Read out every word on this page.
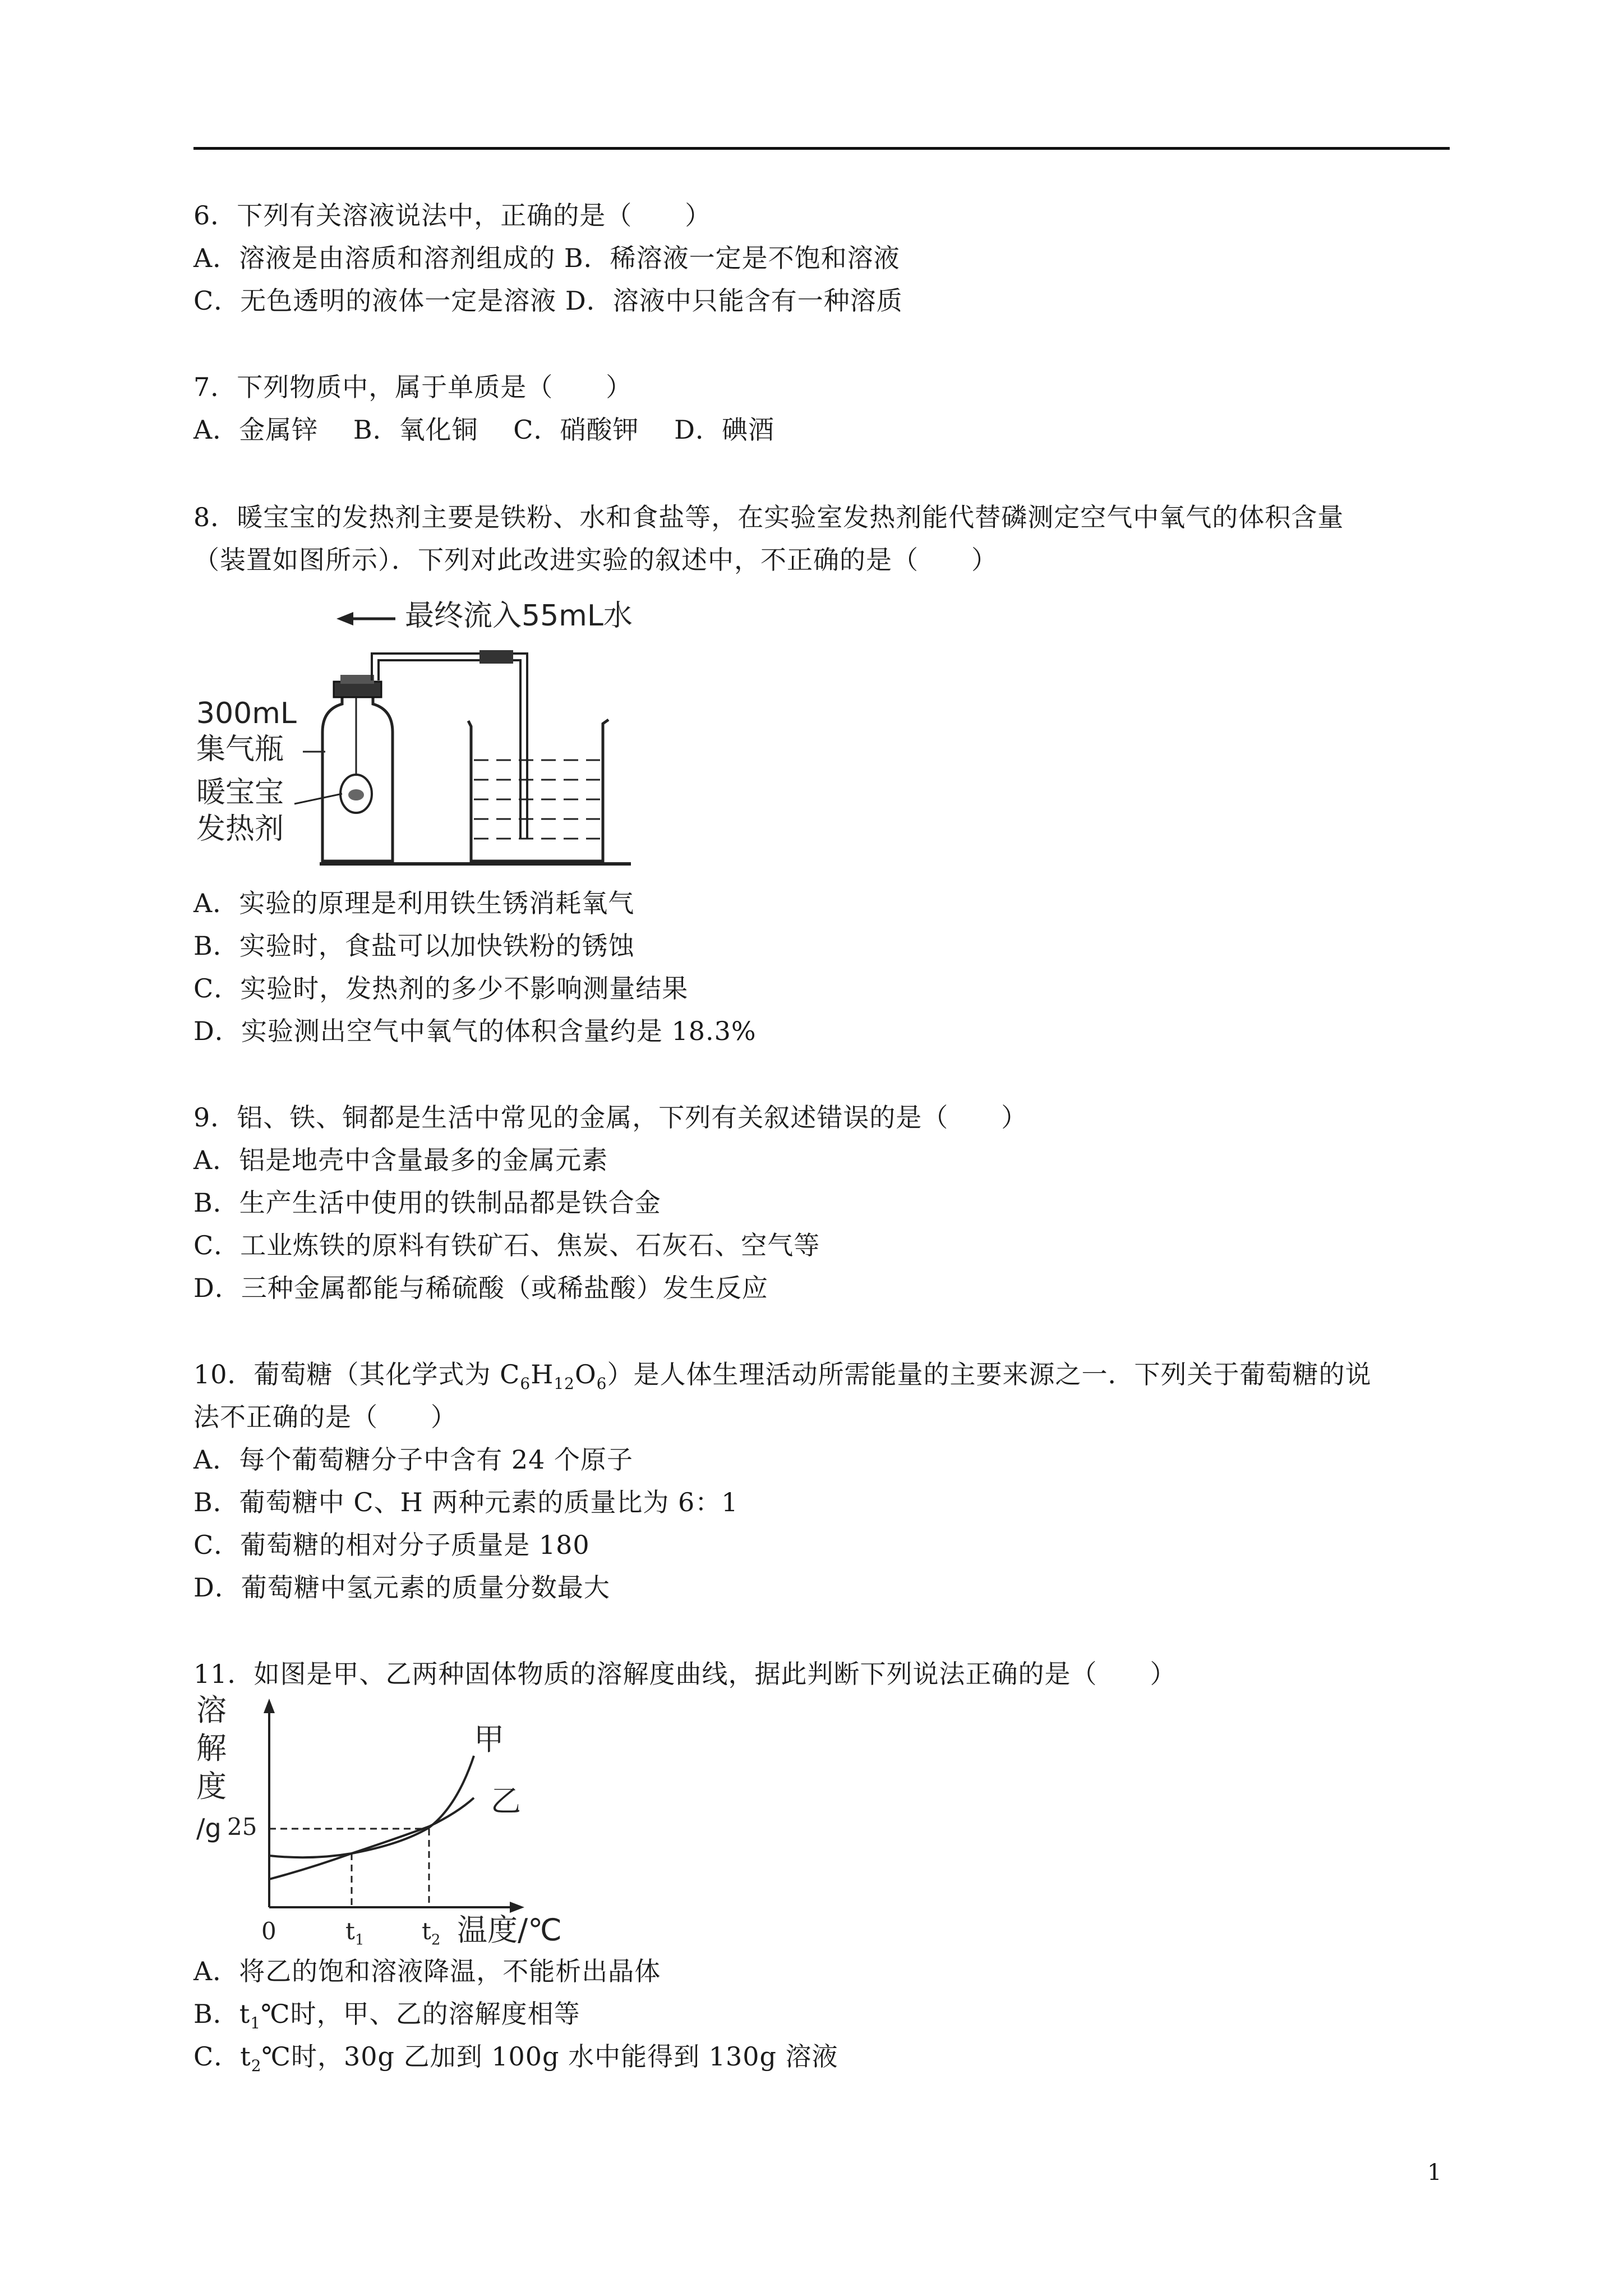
6．下列有关溶液说法中，正确的是（　　）
A．溶液是由溶质和溶剂组成的 B．稀溶液一定是不饱和溶液
C．无色透明的液体一定是溶液 D．溶液中只能含有一种溶质
7．下列物质中，属于单质是（　　）
A．金属锌　 B．氧化铜　 C．硝酸钾　 D．碘酒
8．暖宝宝的发热剂主要是铁粉、水和食盐等，在实验室发热剂能代替磷测定空气中氧气的体积含量
（装置如图所示）．下列对此改进实验的叙述中，不正确的是（　　）
最终流入55mL水
300mL
集气瓶
暖宝宝
发热剂
A．实验的原理是利用铁生锈消耗氧气
B．实验时，食盐可以加快铁粉的锈蚀
C．实验时，发热剂的多少不影响测量结果
D．实验测出空气中氧气的体积含量约是 18.3%
9．铝、铁、铜都是生活中常见的金属，下列有关叙述错误的是（　　）
A．铝是地壳中含量最多的金属元素
B．生产生活中使用的铁制品都是铁合金
C．工业炼铁的原料有铁矿石、焦炭、石灰石、空气等
D．三种金属都能与稀硫酸（或稀盐酸）发生反应
10．葡萄糖（其化学式为 $C_6H_{12}O_6$）是人体生理活动所需能量的主要来源之一．下列关于葡萄糖的说
法不正确的是（　　）
A．每个葡萄糖分子中含有 24 个原子
B．葡萄糖中 C、H 两种元素的质量比为 6：1
C．葡萄糖的相对分子质量是 180
D．葡萄糖中氢元素的质量分数最大
11．如图是甲、乙两种固体物质的溶解度曲线，据此判断下列说法正确的是（　　）
溶
解
度
/g 25
甲
乙
0	$t_1$ $t_2$ 温度/℃
A．将乙的饱和溶液降温，不能析出晶体
B．$t_1℃$时，甲、乙的溶解度相等
C．$t_2℃$时，30g 乙加到 100g 水中能得到 130g 溶液
1
